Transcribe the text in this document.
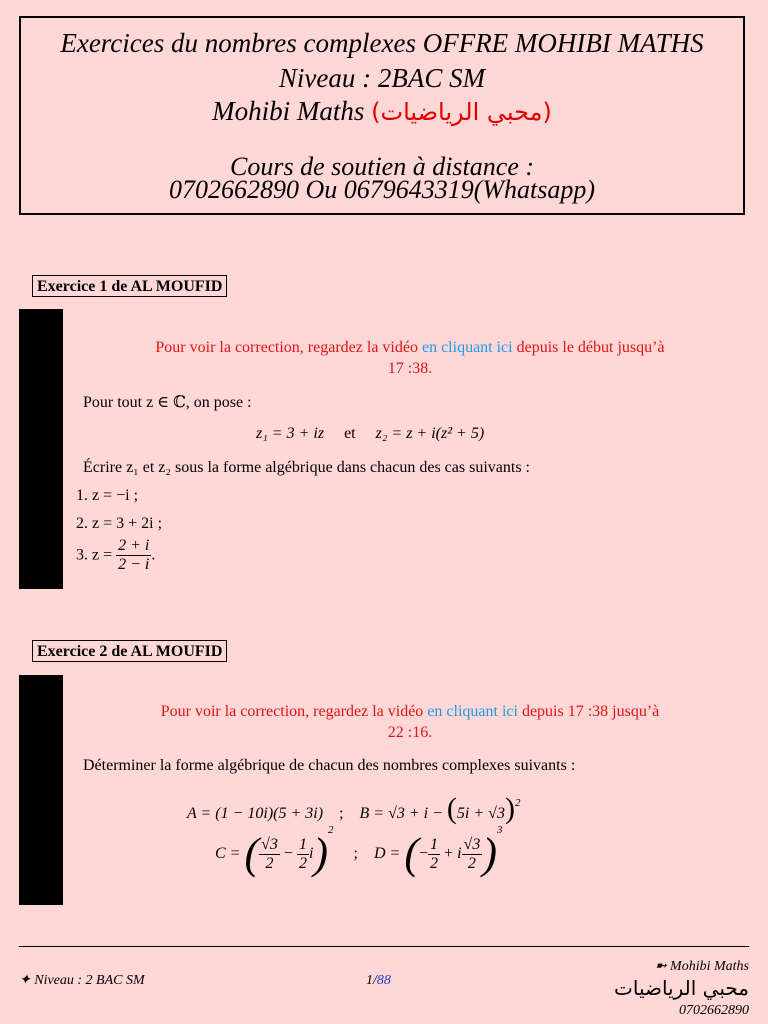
Exercices du nombres complexes OFFRE MOHIBI MATHS
Niveau : 2BAC SM
Mohibi Maths (محبي الرياضيات)
Cours de soutien à distance :
0702662890 Ou 0679643319(Whatsapp)
Exercice 1 de AL MOUFID
Pour voir la correction, regardez la vidéo en cliquant ici depuis le début jusqu’à
17 :38.
Pour tout z ∈ ℂ, on pose :
z₁ = 3 + iz et z₂ = z + i(z² + 5)
Écrire z₁ et z₂ sous la forme algébrique dans chacun des cas suivants :
1. z = −i ;
2. z = 3 + 2i ;
3. $z = \frac{2 + i}{2 - i}$ .
Exercice 2 de AL MOUFID
Pour voir la correction, regardez la vidéo en cliquant ici depuis 17 :38 jusqu’à
22 :16.
Déterminer la forme algébrique de chacun des nombres complexes suivants :
A = (1 − 10i)(5 + 3i) ; $B = √3 + i - (5i + √3)^2$
C = ( $\frac{√3}{2} - \frac{1}{2} i)^2$     ; D = (− $\frac{1}{2} + i \frac{√3}{2} )^3$
✦ Niveau : 2 BAC SM	1/88
➼ Mohibi Maths
محبي الرياضيات
0702662890
